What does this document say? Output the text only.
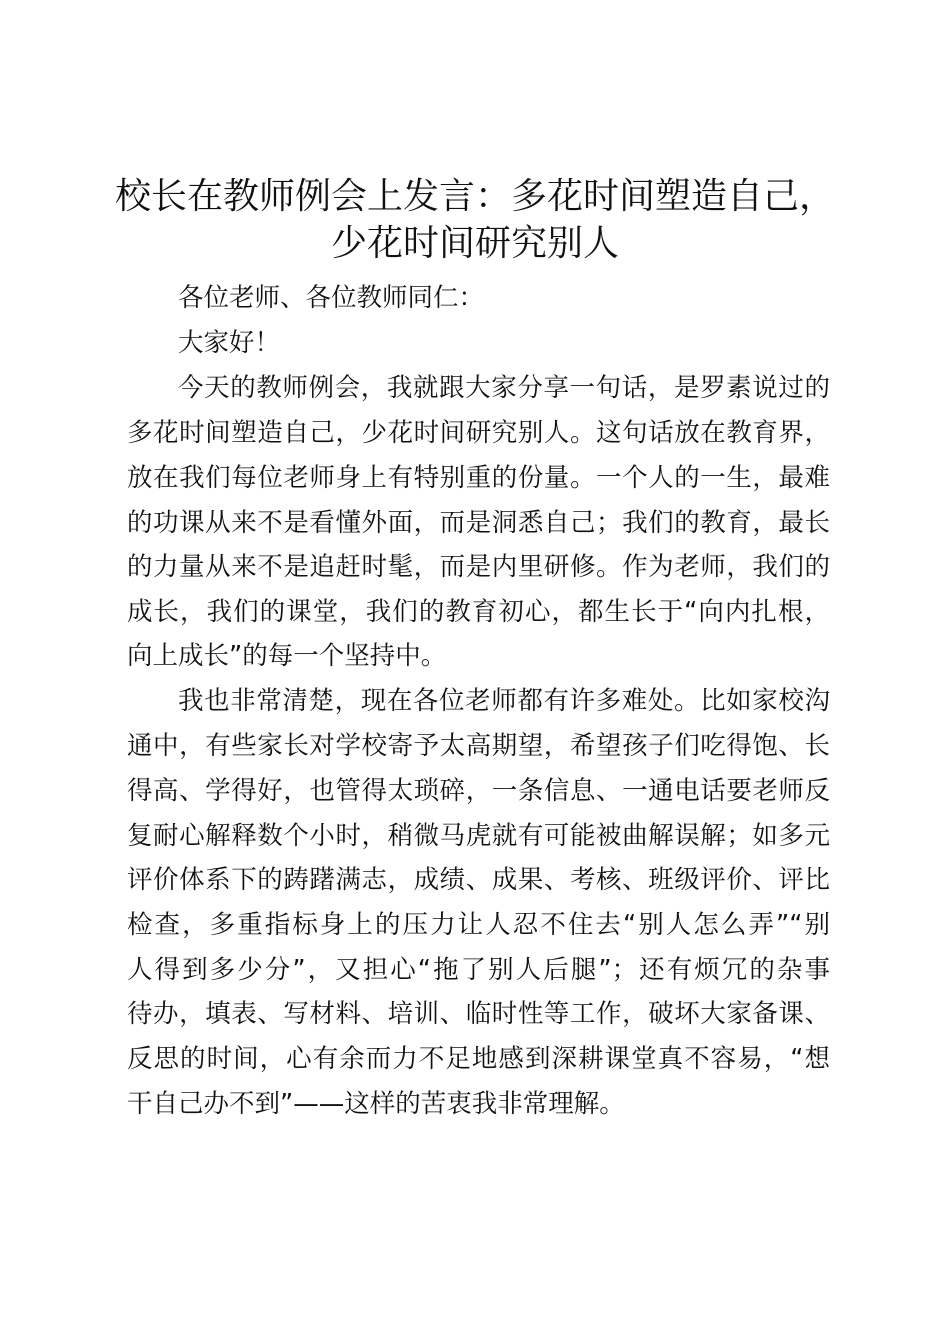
校长在教师例会上发言：多花时间塑造自己，
少花时间研究别人
各位老师、各位教师同仁：
大家好！
今天的教师例会，我就跟大家分享一句话，是罗素说过的
多花时间塑造自己，少花时间研究别人。这句话放在教育界，
放在我们每位老师身上有特别重的份量。一个人的一生，最难
的功课从来不是看懂外面，而是洞悉自己；我们的教育，最长
的力量从来不是追赶时髦，而是内里研修。作为老师，我们的
成长，我们的课堂，我们的教育初心，都生长于“向内扎根，
向上成长”的每一个坚持中。
我也非常清楚，现在各位老师都有许多难处。比如家校沟
通中，有些家长对学校寄予太高期望，希望孩子们吃得饱、长
得高、学得好，也管得太琐碎，一条信息、一通电话要老师反
复耐心解释数个小时，稍微马虎就有可能被曲解误解；如多元
评价体系下的踌躇满志，成绩、成果、考核、班级评价、评比
检查，多重指标身上的压力让人忍不住去“别人怎么弄”“别
人得到多少分”，又担心“拖了别人后腿”；还有烦冗的杂事
待办，填表、写材料、培训、临时性等工作，破坏大家备课、
反思的时间，心有余而力不足地感到深耕课堂真不容易，“想
干自己办不到”——这样的苦衷我非常理解。
